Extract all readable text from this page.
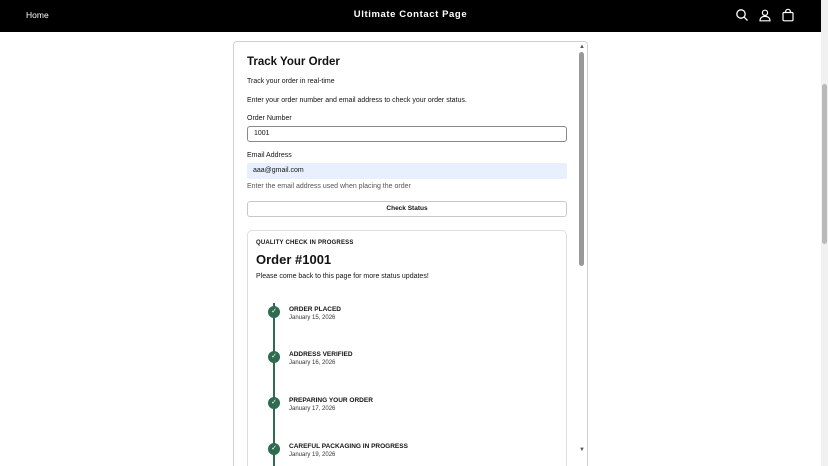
Home	Ultimate Contact Page
Track Your Order

Track your order in real-time

Enter your order number and email address to check your order status.

Order Number
1001
Email Address
aaa@gmail.com

Enter the email address used when placing the order

Check Status
QUALITY CHECK IN PROGRESS
Order #1001
Please come back to this page for more status updates!
✓	ORDER PLACED
January 15, 2026
✓	ADDRESS VERIFIED
January 16, 2026
✓	PREPARING YOUR ORDER
January 17, 2026
✓	CAREFUL PACKAGING IN PROGRESS
January 19, 2026
▲
▼
